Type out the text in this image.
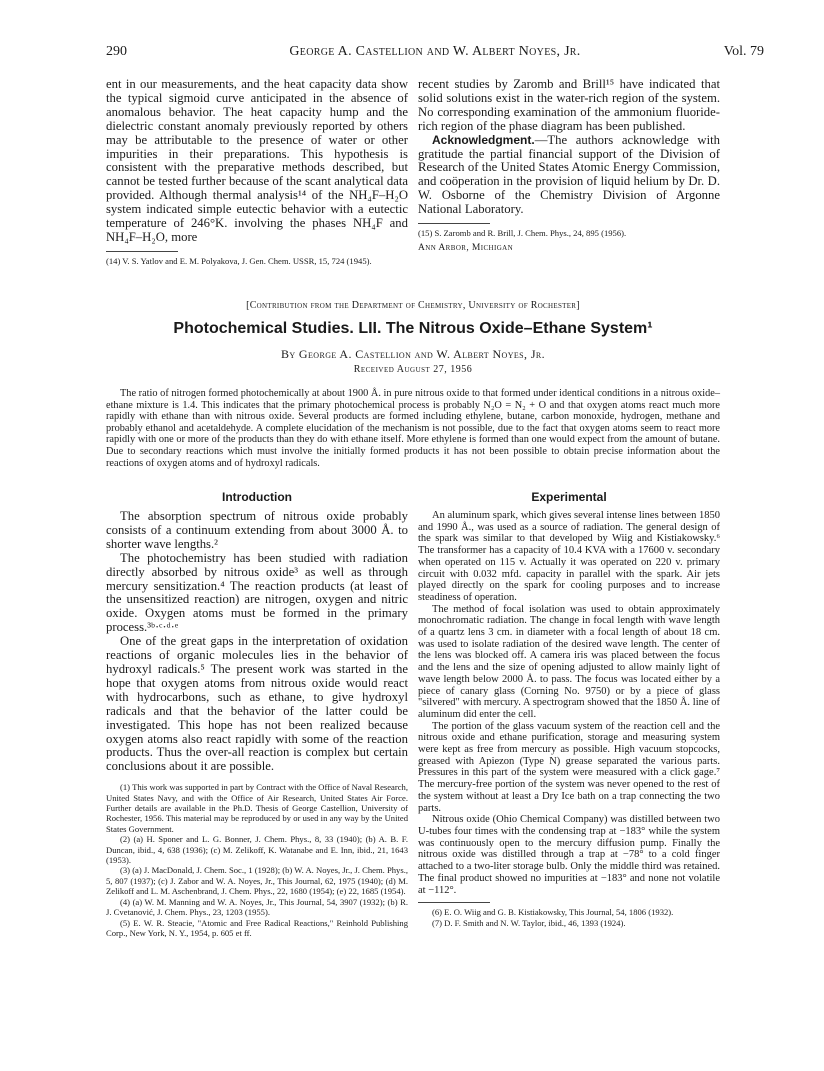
290	George A. Castellion and W. Albert Noyes, Jr.	Vol. 79

ent in our measurements, and the heat capacity data show the typical sigmoid curve anticipated in the absence of anomalous behavior. The heat capacity hump and the dielectric constant anomaly previously reported by others may be attributable to the presence of water or other impurities in their preparations. This hypothesis is consistent with the preparative methods described, but cannot be tested further because of the scant analytical data provided. Although thermal analysis¹⁴ of the NH₄F–H₂O system indicated simple eutectic behavior with a eutectic temperature of 246°K. involving the phases NH₄F and NH₄F–H₂O, more

(14) V. S. Yatlov and E. M. Polyakova, J. Gen. Chem. USSR, 15, 724 (1945).

recent studies by Zaromb and Brill¹⁵ have indicated that solid solutions exist in the water-rich region of the system. No corresponding examination of the ammonium fluoride-rich region of the phase diagram has been published.

Acknowledgment.—The authors acknowledge with gratitude the partial financial support of the Division of Research of the United States Atomic Energy Commission, and coöperation in the provision of liquid helium by Dr. D. W. Osborne of the Chemistry Division of Argonne National Laboratory.

(15) S. Zaromb and R. Brill, J. Chem. Phys., 24, 895 (1956).

Ann Arbor, Michigan

[Contribution from the Department of Chemistry, University of Rochester]
Photochemical Studies. LII. The Nitrous Oxide–Ethane System¹
By George A. Castellion and W. Albert Noyes, Jr.
Received August 27, 1956

The ratio of nitrogen formed photochemically at about 1900 Å. in pure nitrous oxide to that formed under identical conditions in a nitrous oxide–ethane mixture is 1.4. This indicates that the primary photochemical process is probably N₂O = N₂ + O and that oxygen atoms react much more rapidly with ethane than with nitrous oxide. Several products are formed including ethylene, butane, carbon monoxide, hydrogen, methane and probably ethanol and acetaldehyde. A complete elucidation of the mechanism is not possible, due to the fact that oxygen atoms seem to react more rapidly with one or more of the products than they do with ethane itself. More ethylene is formed than one would expect from the amount of butane. Due to secondary reactions which must involve the initially formed products it has not been possible to obtain precise information about the reactions of oxygen atoms and of hydroxyl radicals.

Introduction

The absorption spectrum of nitrous oxide probably consists of a continuum extending from about 3000 Å. to shorter wave lengths.²

The photochemistry has been studied with radiation directly absorbed by nitrous oxide³ as well as through mercury sensitization.⁴ The reaction products (at least of the unsensitized reaction) are nitrogen, oxygen and nitric oxide. Oxygen atoms must be formed in the primary process.³ᵇ·ᶜ·ᵈ·ᵉ

One of the great gaps in the interpretation of oxidation reactions of organic molecules lies in the behavior of hydroxyl radicals.⁵ The present work was started in the hope that oxygen atoms from nitrous oxide would react with hydrocarbons, such as ethane, to give hydroxyl radicals and that the behavior of the latter could be investigated. This hope has not been realized because oxygen atoms also react rapidly with some of the reaction products. Thus the over-all reaction is complex but certain conclusions about it are possible.

(1) This work was supported in part by Contract with the Office of Naval Research, United States Navy, and with the Office of Air Research, United States Air Force. Further details are available in the Ph.D. Thesis of George Castellion, University of Rochester, 1956. This material may be reproduced by or used in any way by the United States Government.

(2) (a) H. Sponer and L. G. Bonner, J. Chem. Phys., 8, 33 (1940); (b) A. B. F. Duncan, ibid., 4, 638 (1936); (c) M. Zelikoff, K. Watanabe and E. Inn, ibid., 21, 1643 (1953).

(3) (a) J. MacDonald, J. Chem. Soc., 1 (1928); (b) W. A. Noyes, Jr., J. Chem. Phys., 5, 807 (1937); (c) J. Zabor and W. A. Noyes, Jr., This Journal, 62, 1975 (1940); (d) M. Zelikoff and L. M. Aschenbrand, J. Chem. Phys., 22, 1680 (1954); (e) 22, 1685 (1954).

(4) (a) W. M. Manning and W. A. Noyes, Jr., This Journal, 54, 3907 (1932); (b) R. J. Cvetanović, J. Chem. Phys., 23, 1203 (1955).

(5) E. W. R. Steacie, "Atomic and Free Radical Reactions," Reinhold Publishing Corp., New York, N. Y., 1954, p. 605 et ff.

Experimental

An aluminum spark, which gives several intense lines between 1850 and 1990 Å., was used as a source of radiation. The general design of the spark was similar to that developed by Wiig and Kistiakowsky.⁶ The transformer has a capacity of 10.4 KVA with a 17600 v. secondary when operated on 115 v. Actually it was operated on 220 v. primary circuit with 0.032 mfd. capacity in parallel with the spark. Air jets played directly on the spark for cooling purposes and to increase steadiness of operation.

The method of focal isolation was used to obtain approximately monochromatic radiation. The change in focal length with wave length of a quartz lens 3 cm. in diameter with a focal length of about 18 cm. was used to isolate radiation of the desired wave length. The center of the lens was blocked off. A camera iris was placed between the focus and the lens and the size of opening adjusted to allow mainly light of wave length below 2000 Å. to pass. The focus was located either by a piece of canary glass (Corning No. 9750) or by a piece of glass "silvered" with mercury. A spectrogram showed that the 1850 Å. line of aluminum did enter the cell.

The portion of the glass vacuum system of the reaction cell and the nitrous oxide and ethane purification, storage and measuring system were kept as free from mercury as possible. High vacuum stopcocks, greased with Apiezon (Type N) grease separated the various parts. Pressures in this part of the system were measured with a click gage.⁷ The mercury-free portion of the system was never opened to the rest of the system without at least a Dry Ice bath on a trap connecting the two parts.

Nitrous oxide (Ohio Chemical Company) was distilled between two U-tubes four times with the condensing trap at −183° while the system was continuously open to the mercury diffusion pump. Finally the nitrous oxide was distilled through a trap at −78° to a cold finger attached to a two-liter storage bulb. Only the middle third was retained. The final product showed no impurities at −183° and none not volatile at −112°.

(6) E. O. Wiig and G. B. Kistiakowsky, This Journal, 54, 1806 (1932).

(7) D. F. Smith and N. W. Taylor, ibid., 46, 1393 (1924).
